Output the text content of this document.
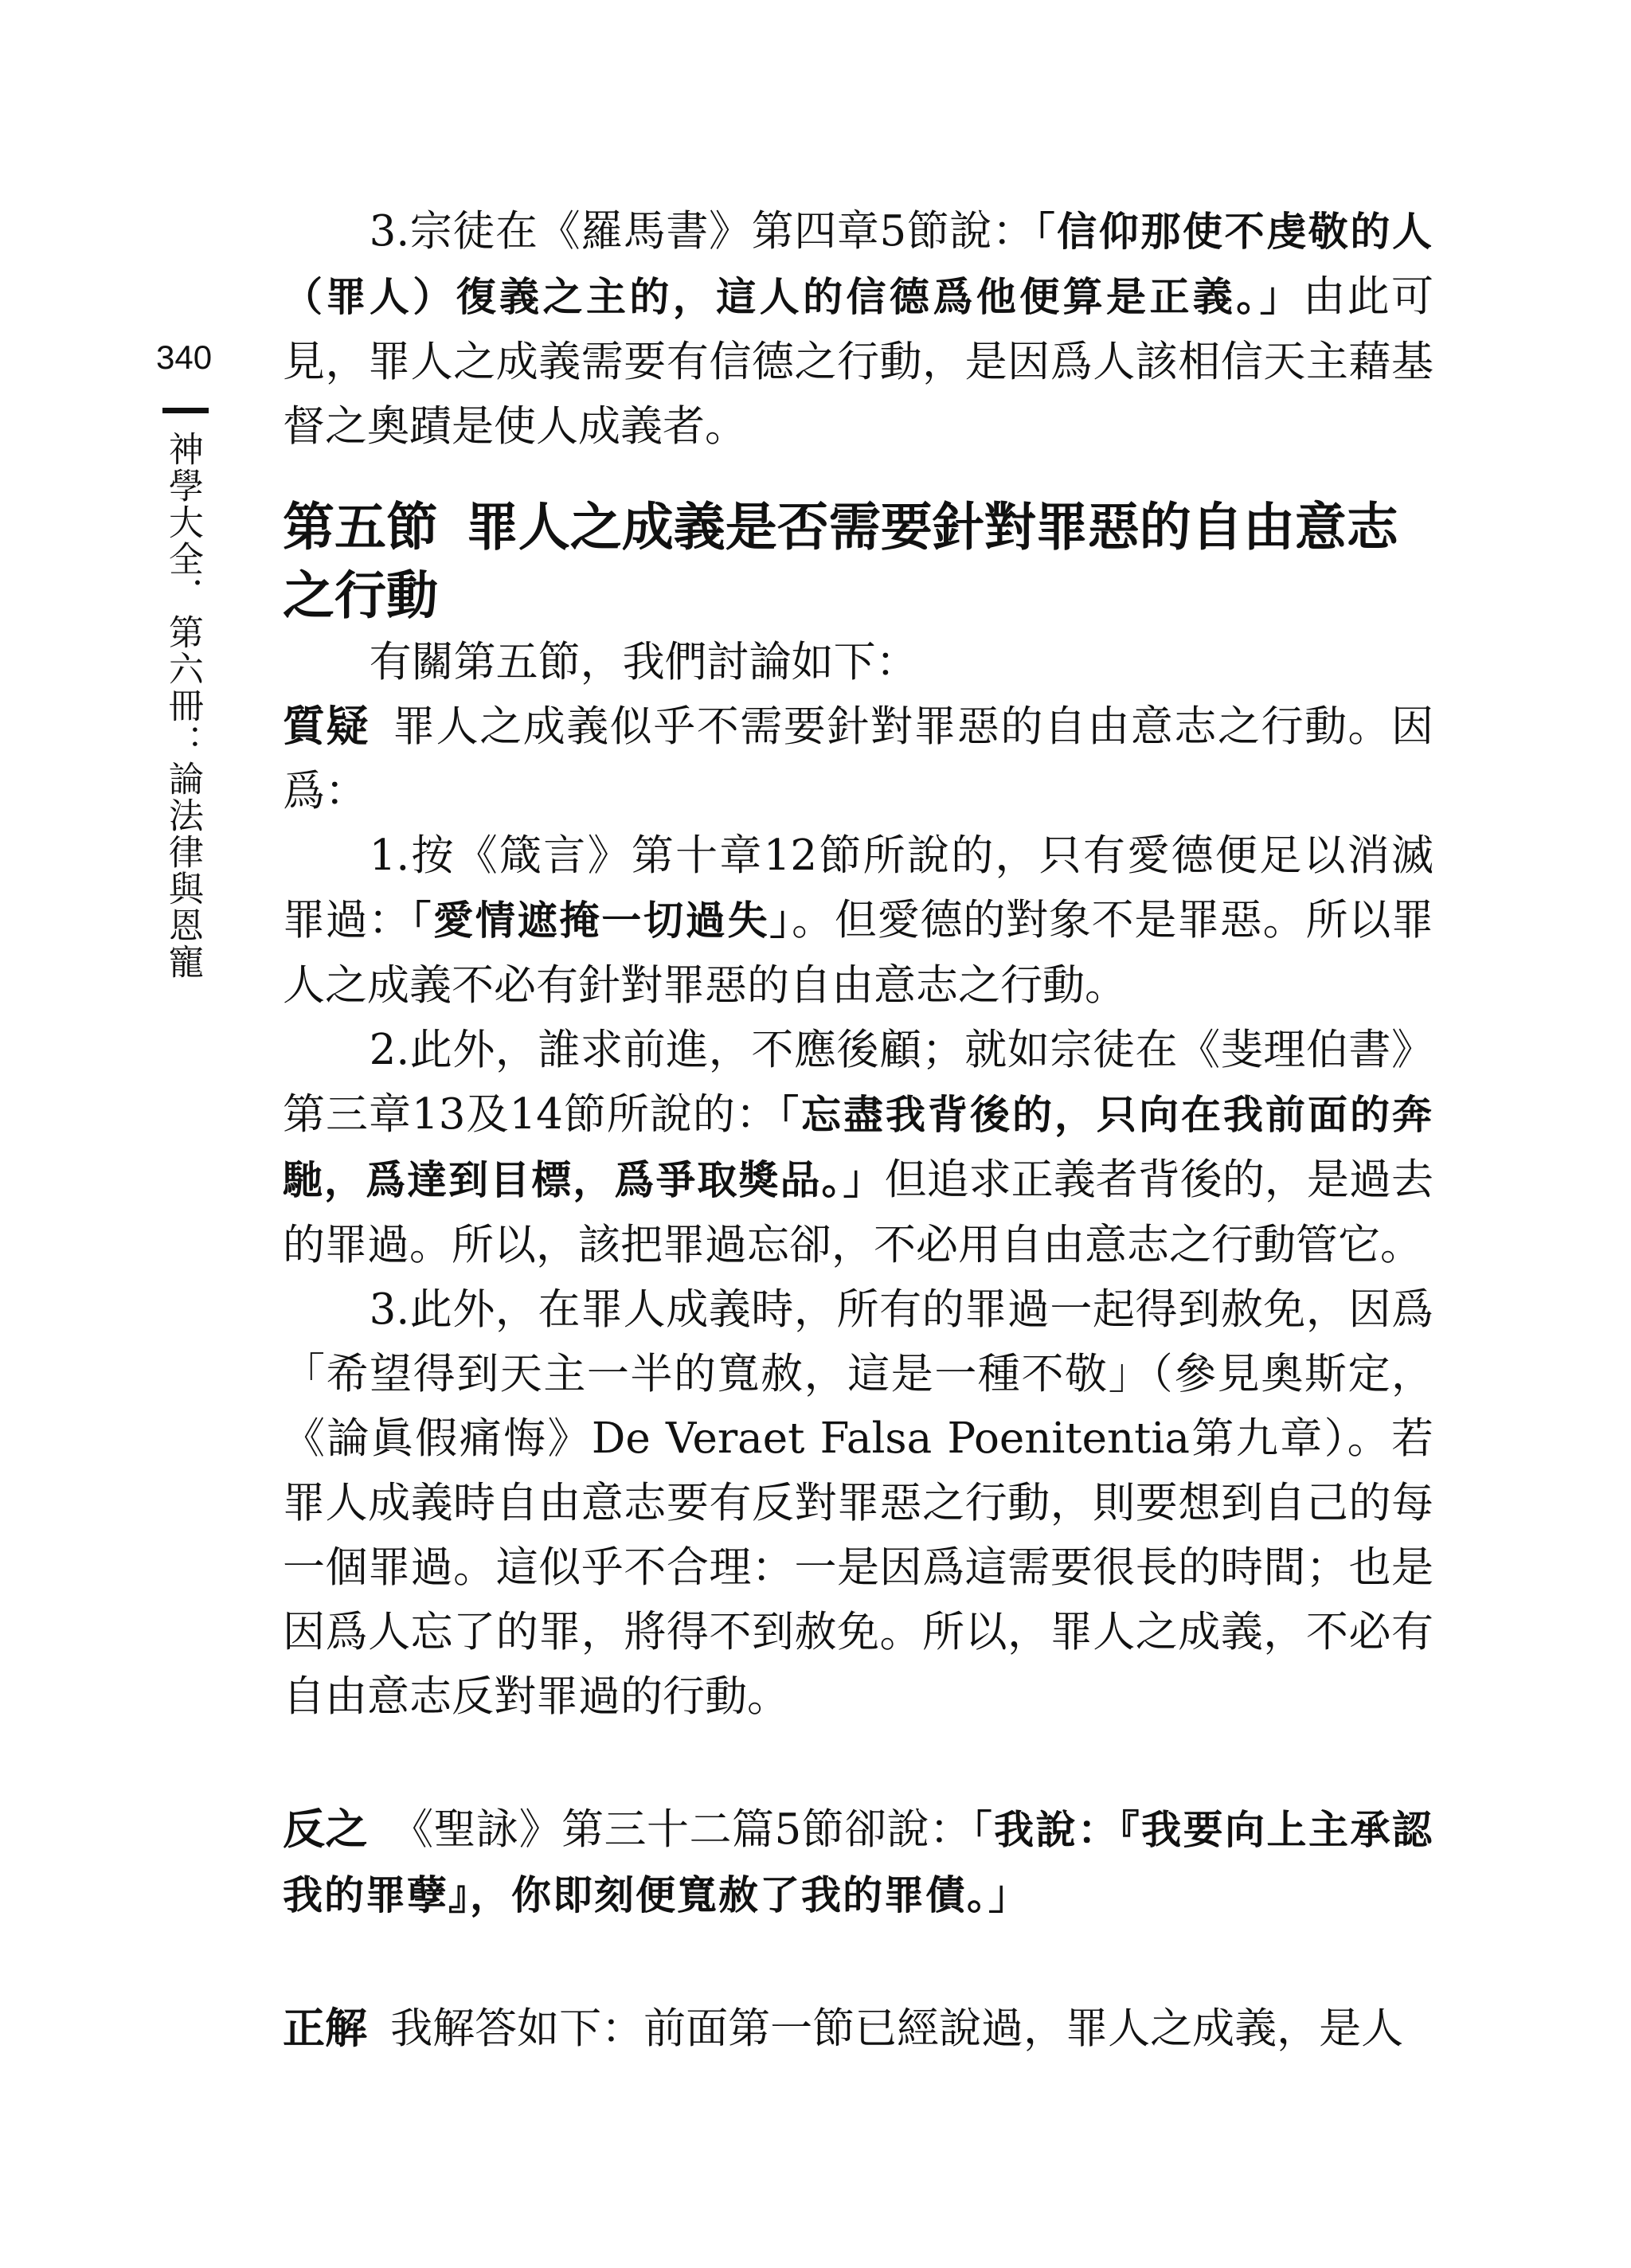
340
神學大全．第六冊：論法律與恩寵

3.宗徒在《羅馬書》第四章5節說：「信仰那使不虔敬的人（罪人）復義之主的，這人的信德爲他便算是正義。」由此可見，罪人之成義需要有信德之行動，是因爲人該相信天主藉基督之奧蹟是使人成義者。

第五節 罪人之成義是否需要針對罪惡的自由意志之行動

有關第五節，我們討論如下：

質疑 罪人之成義似乎不需要針對罪惡的自由意志之行動。因爲：

1.按《箴言》第十章12節所說的，只有愛德便足以消滅罪過：「愛情遮掩一切過失」。但愛德的對象不是罪惡。所以罪人之成義不必有針對罪惡的自由意志之行動。

2.此外，誰求前進，不應後顧；就如宗徒在《斐理伯書》第三章13及14節所說的：「忘盡我背後的，只向在我前面的奔馳，爲達到目標，爲爭取獎品。」但追求正義者背後的，是過去的罪過。所以，該把罪過忘卻，不必用自由意志之行動管它。

3.此外，在罪人成義時，所有的罪過一起得到赦免，因爲「希望得到天主一半的寬赦，這是一種不敬」（參見奧斯定，《論眞假痛悔》De Veraet Falsa Poenitentia第九章）。若罪人成義時自由意志要有反對罪惡之行動，則要想到自己的每一個罪過。這似乎不合理：一是因爲這需要很長的時間；也是因爲人忘了的罪，將得不到赦免。所以，罪人之成義，不必有自由意志反對罪過的行動。

反之 《聖詠》第三十二篇5節卻說：「我說：『我要向上主承認我的罪孽』，你即刻便寬赦了我的罪債。」

正解 我解答如下：前面第一節已經說過，罪人之成義，是人
